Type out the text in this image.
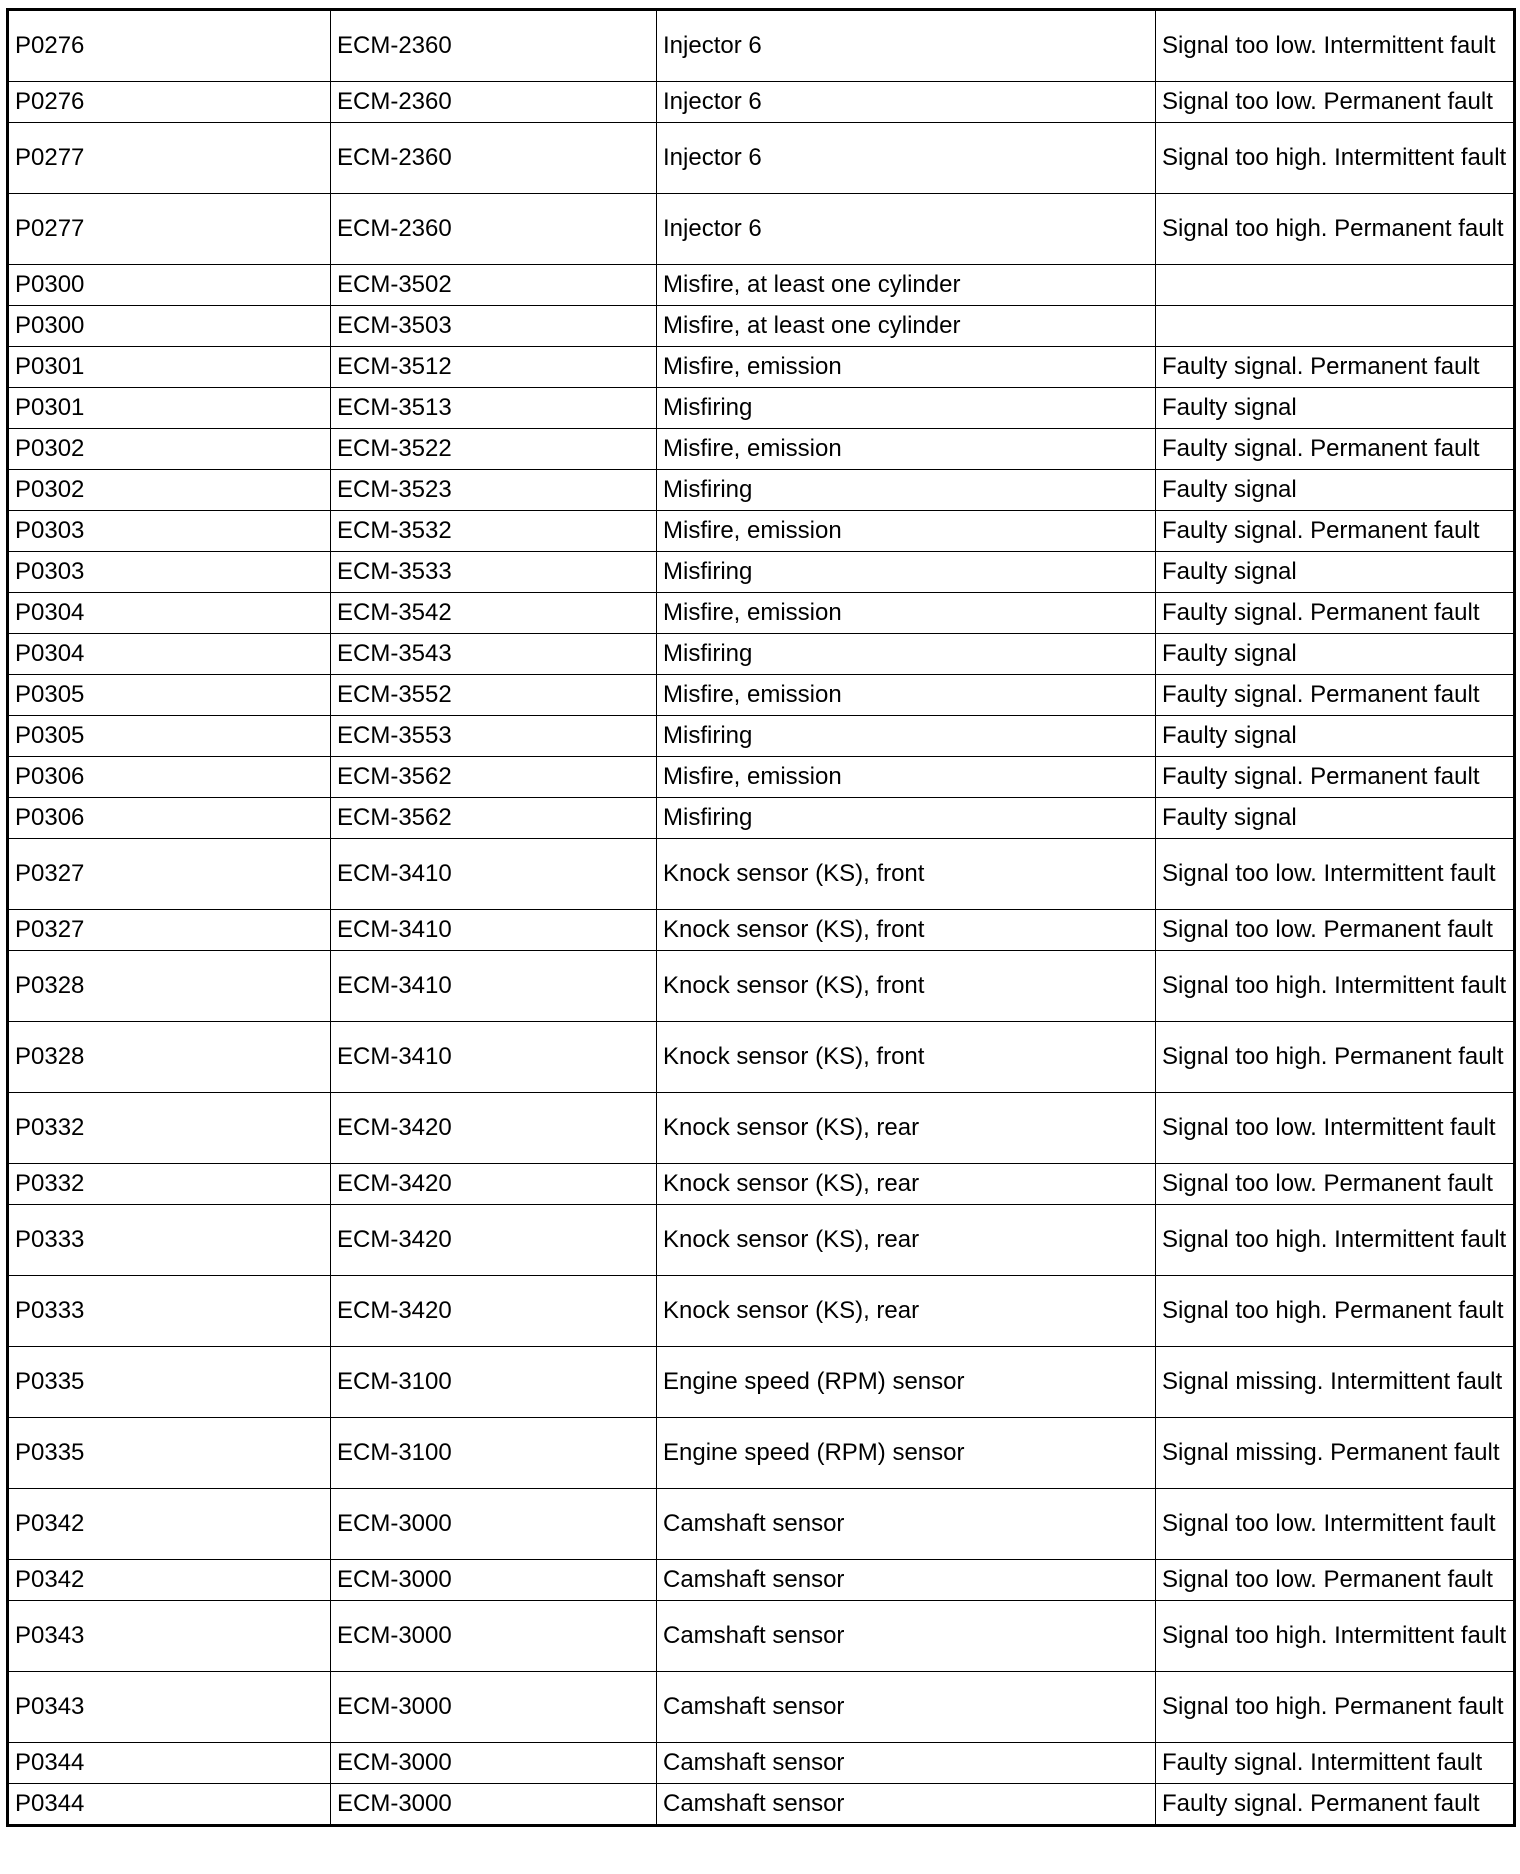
P0276	ECM-2360	Injector 6	Signal too low. Intermittent fault
P0276	ECM-2360	Injector 6	Signal too low. Permanent fault
P0277	ECM-2360	Injector 6	Signal too high. Intermittent fault
P0277	ECM-2360	Injector 6	Signal too high. Permanent fault
P0300	ECM-3502	Misfire, at least one cylinder	
P0300	ECM-3503	Misfire, at least one cylinder	
P0301	ECM-3512	Misfire, emission	Faulty signal. Permanent fault
P0301	ECM-3513	Misfiring	Faulty signal
P0302	ECM-3522	Misfire, emission	Faulty signal. Permanent fault
P0302	ECM-3523	Misfiring	Faulty signal
P0303	ECM-3532	Misfire, emission	Faulty signal. Permanent fault
P0303	ECM-3533	Misfiring	Faulty signal
P0304	ECM-3542	Misfire, emission	Faulty signal. Permanent fault
P0304	ECM-3543	Misfiring	Faulty signal
P0305	ECM-3552	Misfire, emission	Faulty signal. Permanent fault
P0305	ECM-3553	Misfiring	Faulty signal
P0306	ECM-3562	Misfire, emission	Faulty signal. Permanent fault
P0306	ECM-3562	Misfiring	Faulty signal
P0327	ECM-3410	Knock sensor (KS), front	Signal too low. Intermittent fault
P0327	ECM-3410	Knock sensor (KS), front	Signal too low. Permanent fault
P0328	ECM-3410	Knock sensor (KS), front	Signal too high. Intermittent fault
P0328	ECM-3410	Knock sensor (KS), front	Signal too high. Permanent fault
P0332	ECM-3420	Knock sensor (KS), rear	Signal too low. Intermittent fault
P0332	ECM-3420	Knock sensor (KS), rear	Signal too low. Permanent fault
P0333	ECM-3420	Knock sensor (KS), rear	Signal too high. Intermittent fault
P0333	ECM-3420	Knock sensor (KS), rear	Signal too high. Permanent fault
P0335	ECM-3100	Engine speed (RPM) sensor	Signal missing. Intermittent fault
P0335	ECM-3100	Engine speed (RPM) sensor	Signal missing. Permanent fault
P0342	ECM-3000	Camshaft sensor	Signal too low. Intermittent fault
P0342	ECM-3000	Camshaft sensor	Signal too low. Permanent fault
P0343	ECM-3000	Camshaft sensor	Signal too high. Intermittent fault
P0343	ECM-3000	Camshaft sensor	Signal too high. Permanent fault
P0344	ECM-3000	Camshaft sensor	Faulty signal. Intermittent fault
P0344	ECM-3000	Camshaft sensor	Faulty signal. Permanent fault
